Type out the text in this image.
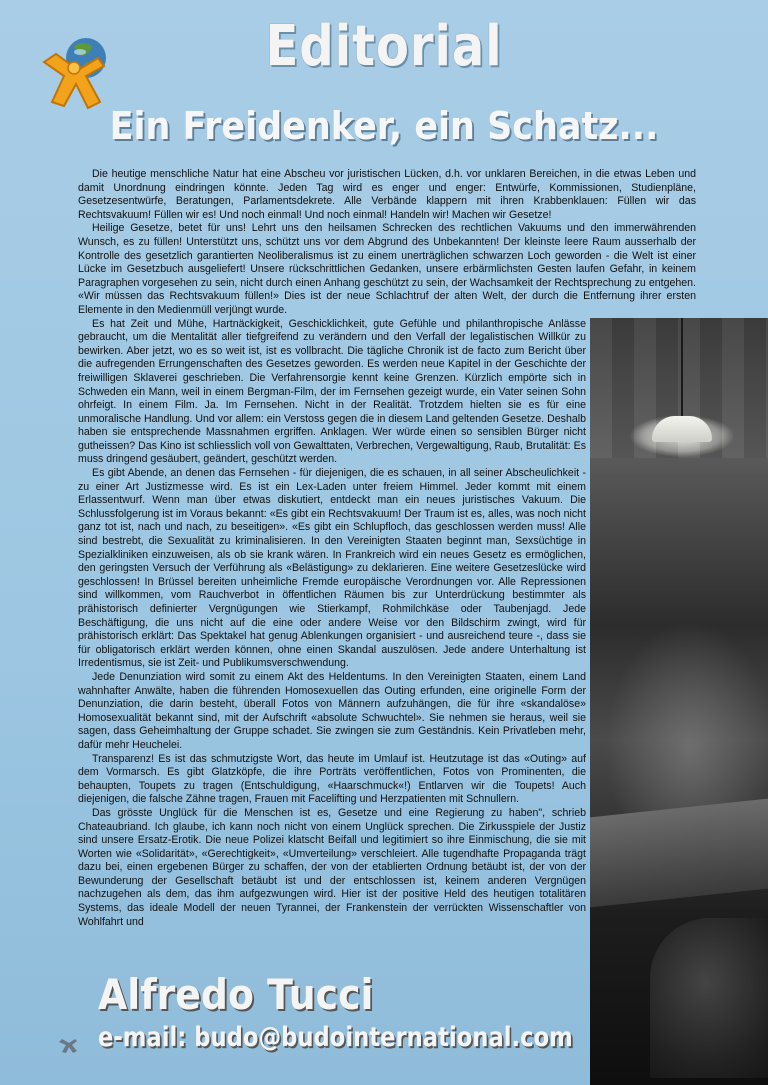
Editorial
Ein Freidenker, ein Schatz...

Die heutige menschliche Natur hat eine Abscheu vor juristischen Lücken, d.h. vor unklaren Bereichen, in die etwas Leben und damit Unordnung eindringen könnte. Jeden Tag wird es enger und enger: Entwürfe, Kommissionen, Studienpläne, Gesetzesentwürfe, Beratungen, Parlamentsdekrete. Alle Verbände klappern mit ihren Krabbenklauen: Füllen wir das Rechtsvakuum! Füllen wir es! Und noch einmal! Und noch einmal! Handeln wir! Machen wir Gesetze!

Heilige Gesetze, betet für uns! Lehrt uns den heilsamen Schrecken des rechtlichen Vakuums und den immerwährenden Wunsch, es zu füllen! Unterstützt uns, schützt uns vor dem Abgrund des Unbekannten! Der kleinste leere Raum ausserhalb der Kontrolle des gesetzlich garantierten Neoliberalismus ist zu einem unerträglichen schwarzen Loch geworden - die Welt ist einer Lücke im Gesetzbuch ausgeliefert! Unsere rückschrittlichen Gedanken, unsere erbärmlichsten Gesten laufen Gefahr, in keinem Paragraphen vorgesehen zu sein, nicht durch einen Anhang geschützt zu sein, der Wachsamkeit der Rechtsprechung zu entgehen. «Wir müssen das Rechtsvakuum füllen!» Dies ist der neue Schlachtruf der alten Welt, der durch die Entfernung ihrer ersten Elemente in den Medienmüll verjüngt wurde.

Es hat Zeit und Mühe, Hartnäckigkeit, Geschicklichkeit, gute Gefühle und philanthropische Anlässe gebraucht, um die Mentalität aller tiefgreifend zu verändern und den Verfall der legalistischen Willkür zu bewirken. Aber jetzt, wo es so weit ist, ist es vollbracht. Die tägliche Chronik ist de facto zum Bericht über die aufregenden Errungenschaften des Gesetzes geworden. Es werden neue Kapitel in der Geschichte der freiwilligen Sklaverei geschrieben. Die Verfahrensorgie kennt keine Grenzen. Kürzlich empörte sich in Schweden ein Mann, weil in einem Bergman-Film, der im Fernsehen gezeigt wurde, ein Vater seinen Sohn ohrfeigt. In einem Film. Ja. Im Fernsehen. Nicht in der Realität. Trotzdem hielten sie es für eine unmoralische Handlung. Und vor allem: ein Verstoss gegen die in diesem Land geltenden Gesetze. Deshalb haben sie entsprechende Massnahmen ergriffen. Anklagen. Wer würde einen so sensiblen Bürger nicht gutheissen? Das Kino ist schliesslich voll von Gewalttaten, Verbrechen, Vergewaltigung, Raub, Brutalität: Es muss dringend gesäubert, geändert, geschützt werden.

Es gibt Abende, an denen das Fernsehen - für diejenigen, die es schauen, in all seiner Abscheulichkeit - zu einer Art Justizmesse wird. Es ist ein Lex-Laden unter freiem Himmel. Jeder kommt mit einem Erlassentwurf. Wenn man über etwas diskutiert, entdeckt man ein neues juristisches Vakuum. Die Schlussfolgerung ist im Voraus bekannt: «Es gibt ein Rechtsvakuum! Der Traum ist es, alles, was noch nicht ganz tot ist, nach und nach, zu beseitigen». «Es gibt ein Schlupfloch, das geschlossen werden muss! Alle sind bestrebt, die Sexualität zu kriminalisieren. In den Vereinigten Staaten beginnt man, Sexsüchtige in Spezialkliniken einzuweisen, als ob sie krank wären. In Frankreich wird ein neues Gesetz es ermöglichen, den geringsten Versuch der Verführung als «Belästigung» zu deklarieren. Eine weitere Gesetzeslücke wird geschlossen! In Brüssel bereiten unheimliche Fremde europäische Verordnungen vor. Alle Repressionen sind willkommen, vom Rauchverbot in öffentlichen Räumen bis zur Unterdrückung bestimmter als prähistorisch definierter Vergnügungen wie Stierkampf, Rohmilchkäse oder Taubenjagd. Jede Beschäftigung, die uns nicht auf die eine oder andere Weise vor den Bildschirm zwingt, wird für prähistorisch erklärt: Das Spektakel hat genug Ablenkungen organisiert - und ausreichend teure -, dass sie für obligatorisch erklärt werden können, ohne einen Skandal auszulösen. Jede andere Unterhaltung ist Irredentismus, sie ist Zeit- und Publikumsverschwendung.

Jede Denunziation wird somit zu einem Akt des Heldentums. In den Vereinigten Staaten, einem Land wahnhafter Anwälte, haben die führenden Homosexuellen das Outing erfunden, eine originelle Form der Denunziation, die darin besteht, überall Fotos von Männern aufzuhängen, die für ihre «skandalöse» Homosexualität bekannt sind, mit der Aufschrift «absolute Schwuchtel». Sie nehmen sie heraus, weil sie sagen, dass Geheimhaltung der Gruppe schadet. Sie zwingen sie zum Geständnis. Kein Privatleben mehr, dafür mehr Heuchelei.

Transparenz! Es ist das schmutzigste Wort, das heute im Umlauf ist. Heutzutage ist das «Outing» auf dem Vormarsch. Es gibt Glatzköpfe, die ihre Porträts veröffentlichen, Fotos von Prominenten, die behaupten, Toupets zu tragen (Entschuldigung, «Haarschmuck«!) Entlarven wir die Toupets! Auch diejenigen, die falsche Zähne tragen, Frauen mit Facelifting und Herzpatienten mit Schnullern.

Das grösste Unglück für die Menschen ist es, Gesetze und eine Regierung zu haben", schrieb Chateaubriand. Ich glaube, ich kann noch nicht von einem Unglück sprechen. Die Zirkusspiele der Justiz sind unsere Ersatz-Erotik. Die neue Polizei klatscht Beifall und legitimiert so ihre Einmischung, die sie mit Worten wie «Solidarität», «Gerechtigkeit», «Umverteilung» verschleiert. Alle tugendhafte Propaganda trägt dazu bei, einen ergebenen Bürger zu schaffen, der von der etablierten Ordnung betäubt ist, der von der Bewunderung der Gesellschaft betäubt ist und der entschlossen ist, keinem anderen Vergnügen nachzugehen als dem, das ihm aufgezwungen wird. Hier ist der positive Held des heutigen totalitären Systems, das ideale Modell der neuen Tyrannei, der Frankenstein der verrückten Wissenschaftler von Wohlfahrt und

Alfredo Tucci

e-mail: budo@budointernational.com
